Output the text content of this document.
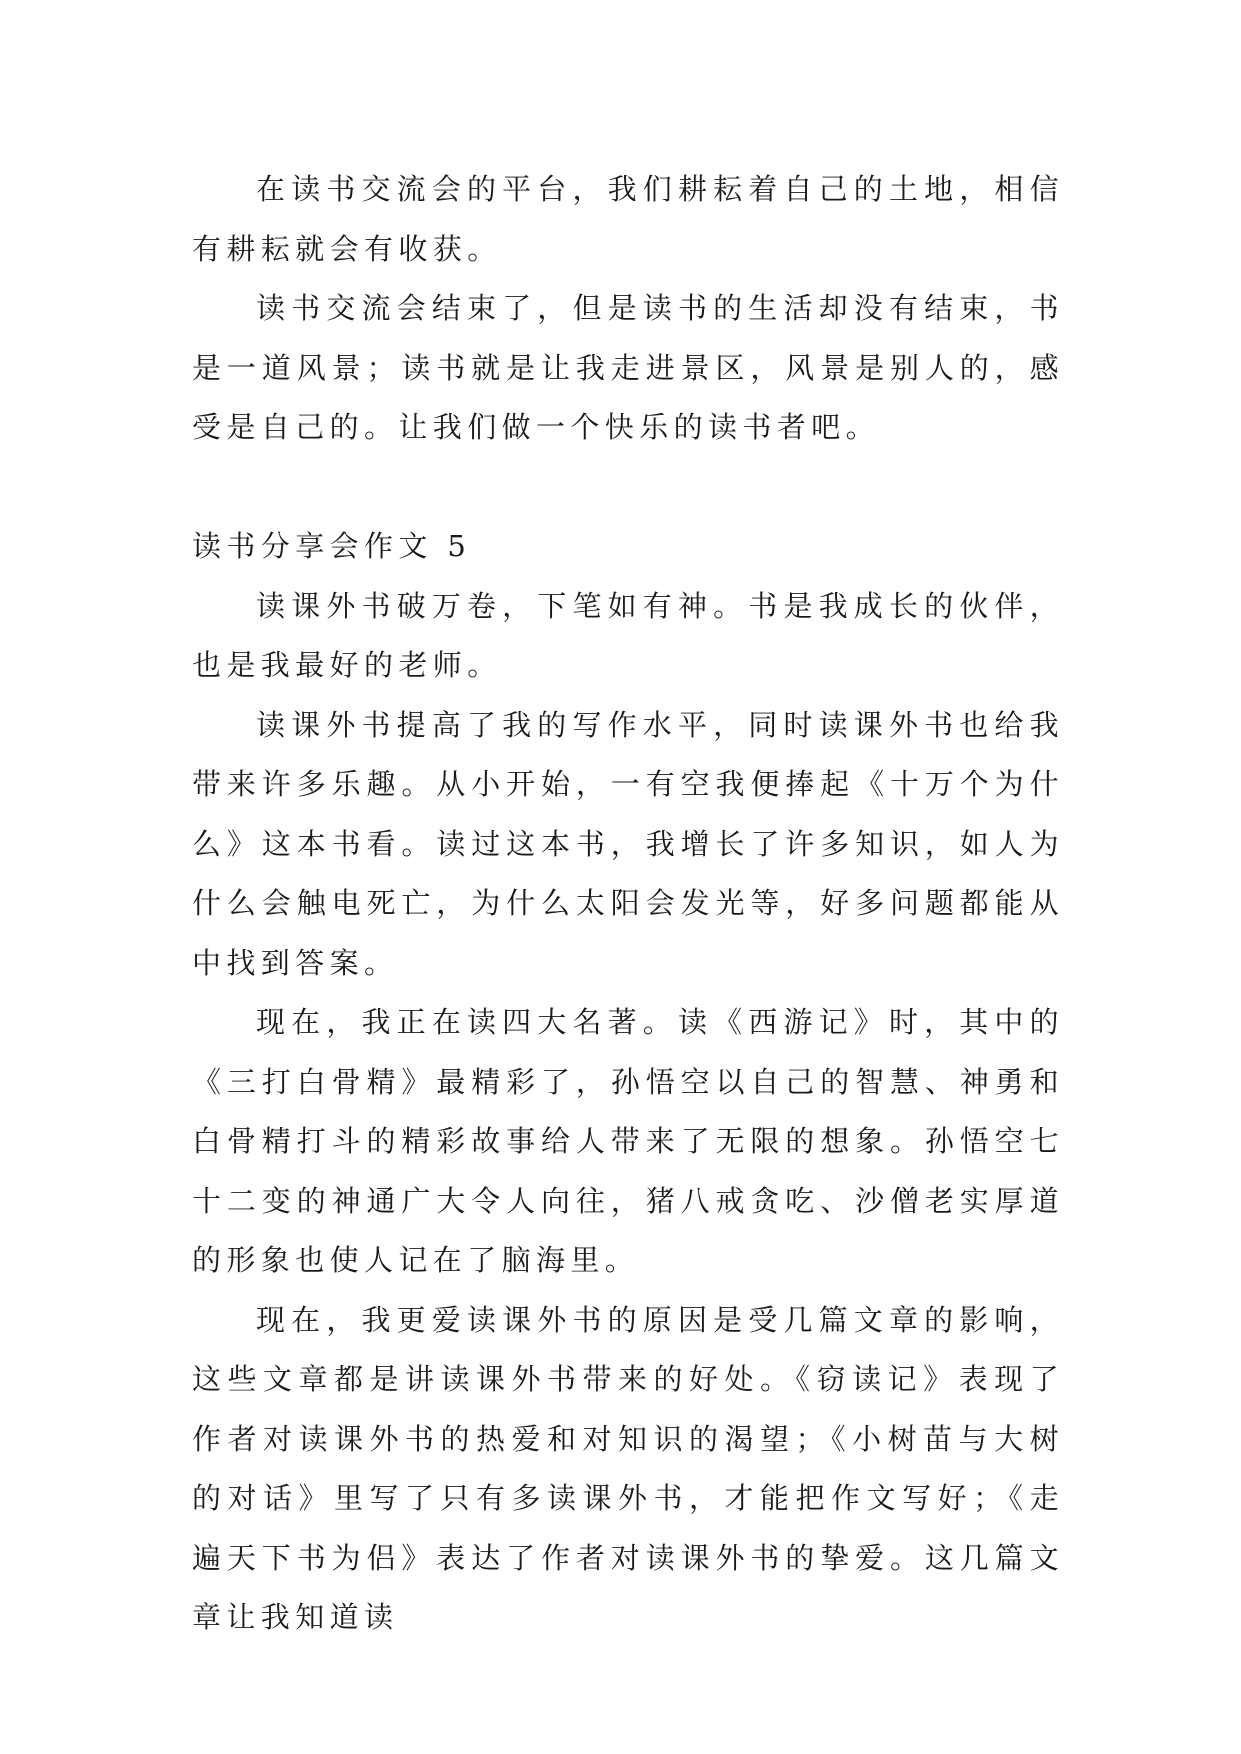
在读书交流会的平台，我们耕耘着自己的土地，相信有耕耘就会有收获。

读书交流会结束了，但是读书的生活却没有结束，书是一道风景；读书就是让我走进景区，风景是别人的，感受是自己的。让我们做一个快乐的读书者吧。

读书分享会作文 5

读课外书破万卷，下笔如有神。书是我成长的伙伴，也是我最好的老师。

读课外书提高了我的写作水平，同时读课外书也给我带来许多乐趣。从小开始，一有空我便捧起《十万个为什么》这本书看。读过这本书，我增长了许多知识，如人为什么会触电死亡，为什么太阳会发光等，好多问题都能从中找到答案。

现在，我正在读四大名著。读《西游记》时，其中的《三打白骨精》最精彩了，孙悟空以自己的智慧、神勇和白骨精打斗的精彩故事给人带来了无限的想象。孙悟空七十二变的神通广大令人向往，猪八戒贪吃、沙僧老实厚道的形象也使人记在了脑海里。

现在，我更爱读课外书的原因是受几篇文章的影响，这些文章都是讲读课外书带来的好处。《窃读记》表现了作者对读课外书的热爱和对知识的渴望；《小树苗与大树的对话》里写了只有多读课外书，才能把作文写好；《走遍天下书为侣》表达了作者对读课外书的挚爱。这几篇文章让我知道读
